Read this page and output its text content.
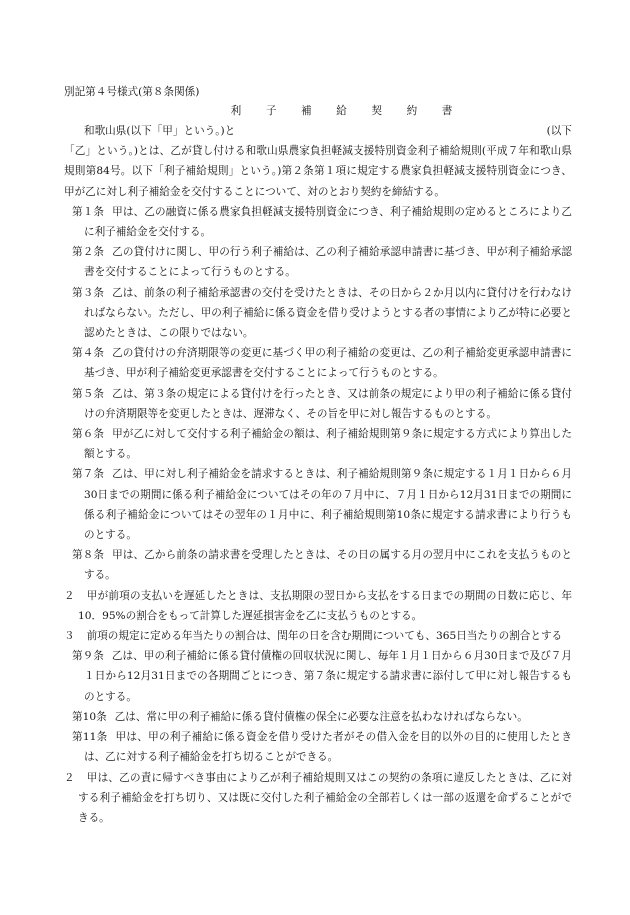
別記第４号様式(第８条関係)
利　子　補　給　契　約　書
和歌山県(以下「甲」という。)と	(以下
「乙」という。)とは、乙が貸し付ける和歌山県農家負担軽減支援特別資金利子補給規則(平成７年和歌山県規則第84号。以下「利子補給規則」という。)第２条第１項に規定する農家負担軽減支援特別資金につき、甲が乙に対し利子補給金を交付することについて、対のとおり契約を締結する。
第１条 甲は、乙の融資に係る農家負担軽減支援特別資金につき、利子補給規則の定めるところにより乙に利子補給金を交付する。
第２条 乙の貸付けに関し、甲の行う利子補給は、乙の利子補給承認申請書に基づき、甲が利子補給承認書を交付することによって行うものとする。
第３条 乙は、前条の利子補給承認書の交付を受けたときは、その日から２か月以内に貸付けを行わなければならない。ただし、甲の利子補給に係る資金を借り受けようとする者の事情により乙が特に必要と認めたときは、この限りではない。
第４条 乙の貸付けの弁済期限等の変更に基づく甲の利子補給の変更は、乙の利子補給変更承認申請書に基づき、甲が利子補給変更承認書を交付することによって行うものとする。
第５条 乙は、第３条の規定による貸付けを行ったとき、又は前条の規定により甲の利子補給に係る貸付けの弁済期限等を変更したときは、遅滞なく、その旨を甲に対し報告するものとする。
第６条 甲が乙に対して交付する利子補給金の額は、利子補給規則第９条に規定する方式により算出した額とする。
第７条 乙は、甲に対し利子補給金を請求するときは、利子補給規則第９条に規定する１月１日から６月30日までの期間に係る利子補給金についてはその年の７月中に、７月１日から12月31日までの期間に係る利子補給金についてはその翌年の１月中に、利子補給規則第10条に規定する請求書により行うものとする。
第８条 甲は、乙から前条の請求書を受理したときは、その日の属する月の翌月中にこれを支払うものとする。
２ 甲が前項の支払いを遅延したときは、支払期限の翌日から支払をする日までの期間の日数に応じ、年10．95%の割合をもって計算した遅延損害金を乙に支払うものとする。
３ 前項の規定に定める年当たりの割合は、閏年の日を含む期間についても、365日当たりの割合とする
第９条 乙は、甲の利子補給に係る貸付債権の回収状況に関し、毎年１月１日から６月30日まで及び７月１日から12月31日までの各期間ごとにつき、第７条に規定する請求書に添付して甲に対し報告するものとする。
第10条 乙は、常に甲の利子補給に係る貸付債権の保全に必要な注意を払わなければならない。
第11条 甲は、甲の利子補給に係る資金を借り受けた者がその借入金を目的以外の目的に使用したときは、乙に対する利子補給金を打ち切ることができる。
２ 甲は、乙の責に帰すべき事由により乙が利子補給規則又はこの契約の条項に違反したときは、乙に対する利子補給金を打ち切り、又は既に交付した利子補給金の全部若しくは一部の返還を命ずることができる。
